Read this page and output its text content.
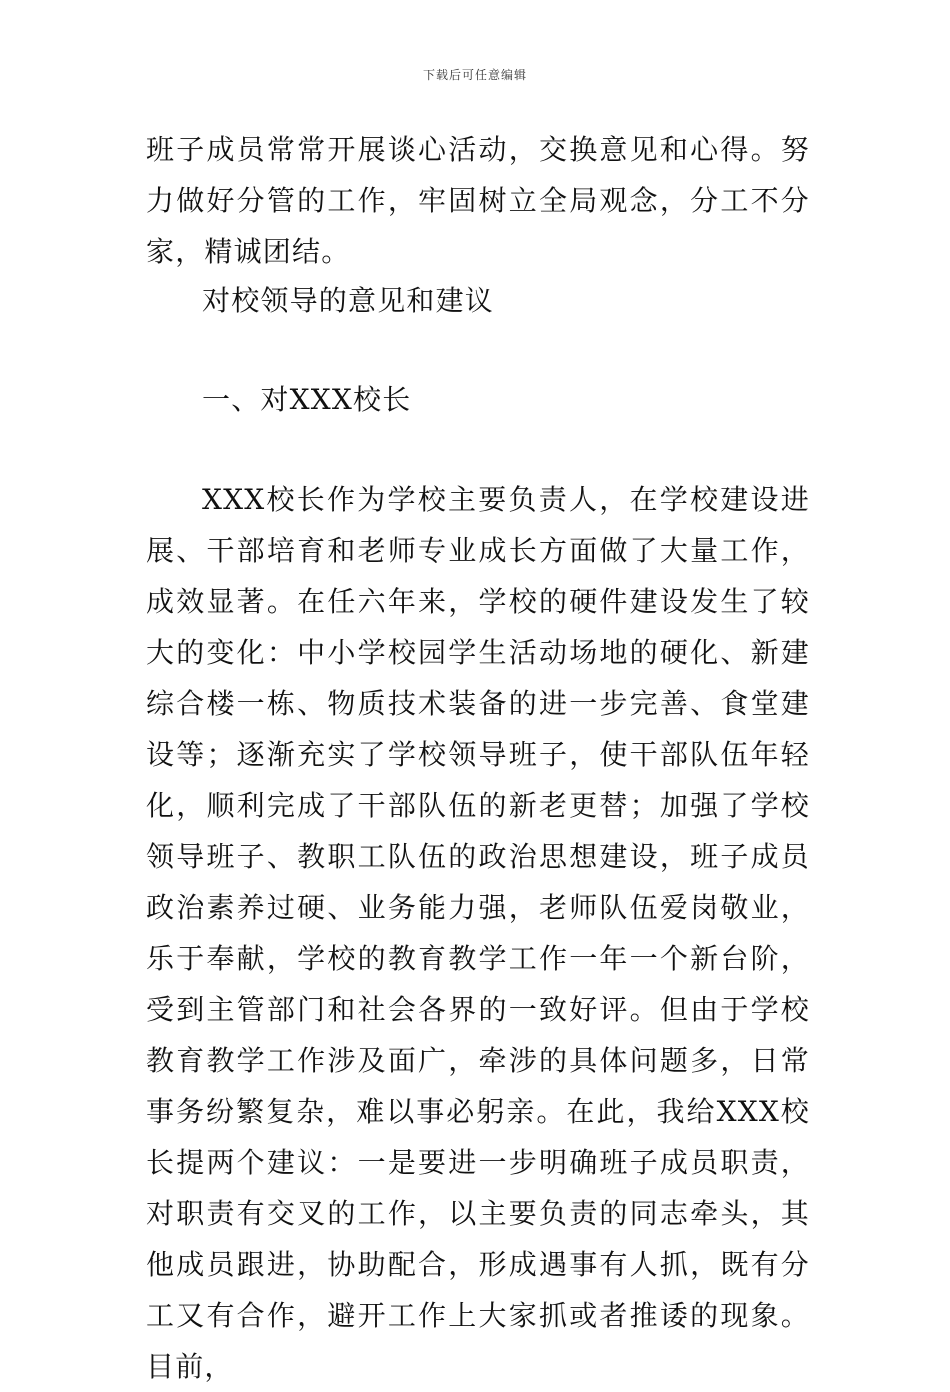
下载后可任意编辑

班子成员常常开展谈心活动，交换意见和心得。努力做好分管的工作，牢固树立全局观念，分工不分家，精诚团结。

对校领导的意见和建议

一、对XXX校长

XXX校长作为学校主要负责人，在学校建设进展、干部培育和老师专业成长方面做了大量工作，成效显著。在任六年来，学校的硬件建设发生了较大的变化：中小学校园学生活动场地的硬化、新建综合楼一栋、物质技术装备的进一步完善、食堂建设等；逐渐充实了学校领导班子，使干部队伍年轻化，顺利完成了干部队伍的新老更替；加强了学校领导班子、教职工队伍的政治思想建设，班子成员政治素养过硬、业务能力强，老师队伍爱岗敬业，乐于奉献，学校的教育教学工作一年一个新台阶，受到主管部门和社会各界的一致好评。但由于学校教育教学工作涉及面广，牵涉的具体问题多，日常事务纷繁复杂，难以事必躬亲。在此，我给XXX校长提两个建议：一是要进一步明确班子成员职责，对职责有交叉的工作，以主要负责的同志牵头，其他成员跟进，协助配合，形成遇事有人抓，既有分工又有合作，避开工作上大家抓或者推诿的现象。目前，
